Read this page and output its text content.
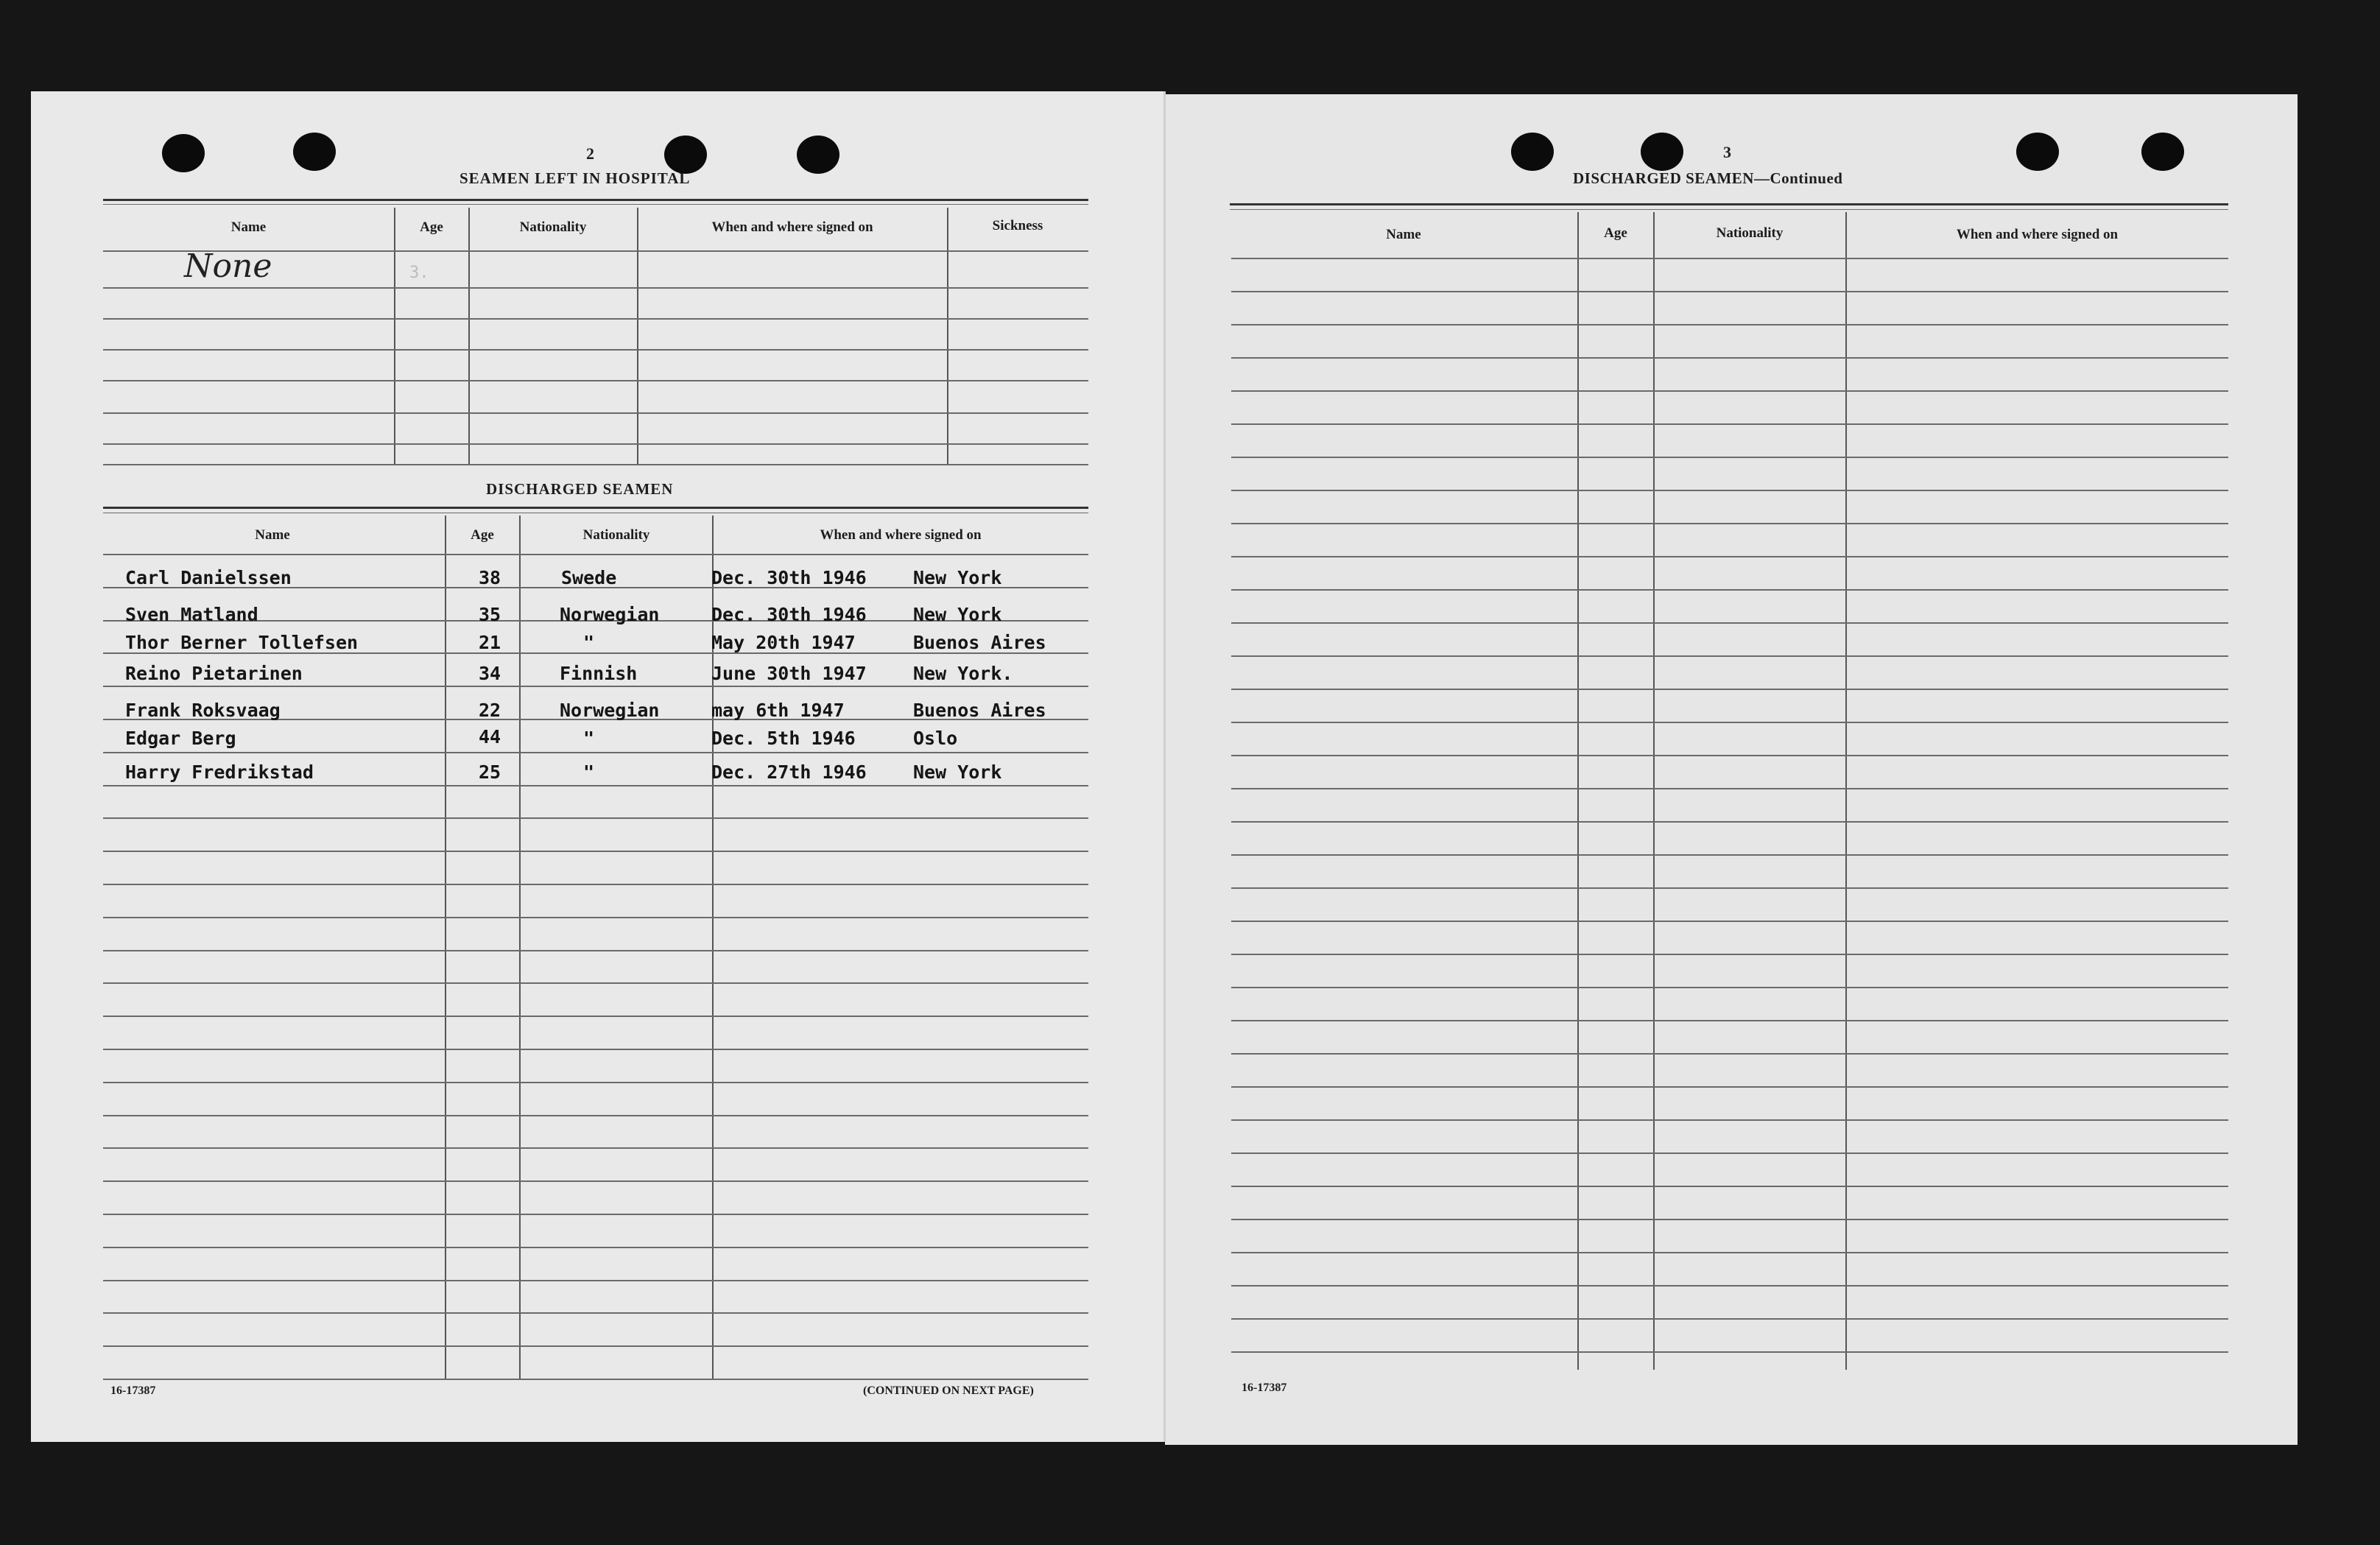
2
SEAMEN LEFT IN HOSPITAL
Name	Age	Nationality	When and where signed on	Sickness
None	3.
DISCHARGED SEAMEN
Name	Age	Nationality	When and where signed on
Carl Danielssen	38	Swede	Dec. 30th 1946	New York
Sven Matland	35	Norwegian	Dec. 30th 1946	New York
Thor Berner Tollefsen	21	"	May 20th 1947	Buenos Aires
Reino Pietarinen	34	Finnish	June 30th 1947	New York.
Frank Roksvaag	22	Norwegian	may 6th 1947	Buenos Aires
Edgar Berg	44	"	Dec. 5th 1946	Oslo
Harry Fredrikstad	25	"	Dec. 27th 1946	New York
16-17387	(CONTINUED ON NEXT PAGE)
3
DISCHARGED SEAMEN—Continued
Name	Age	Nationality	When and where signed on
16-17387
